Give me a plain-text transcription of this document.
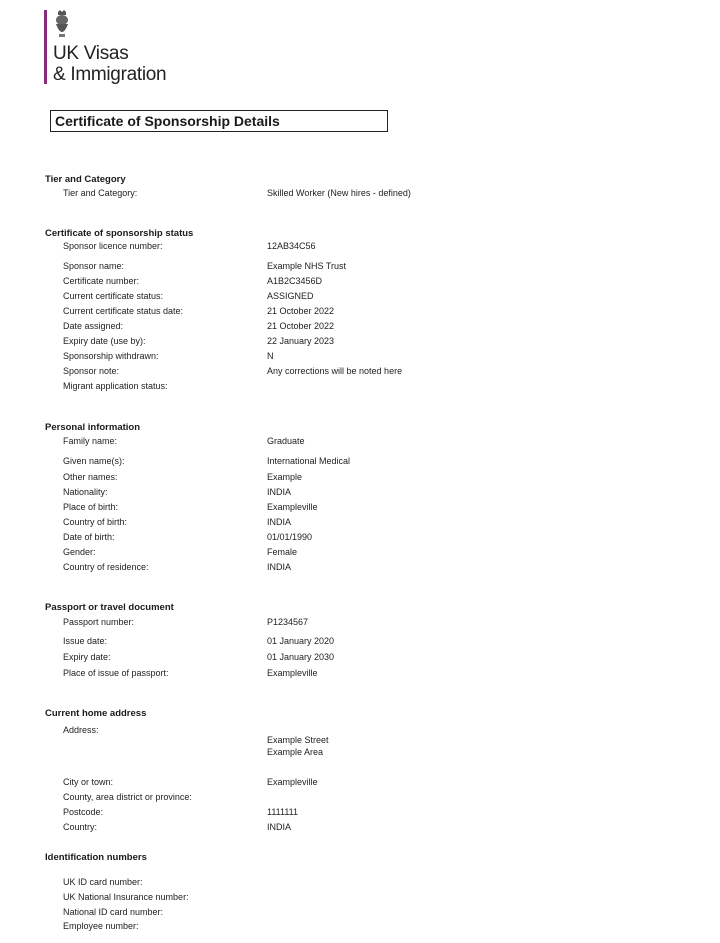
UK Visas
& Immigration
Certificate of Sponsorship Details
Tier and Category
Tier and Category:	Skilled Worker (New hires - defined)
Certificate of sponsorship status
Sponsor licence number:	12AB34C56
Sponsor name:	Example NHS Trust
Certificate number:	A1B2C3456D
Current certificate status:	ASSIGNED
Current certificate status date:	21 October 2022
Date assigned:	21 October 2022
Expiry date (use by):	22 January 2023
Sponsorship withdrawn:	N
Sponsor note:	Any corrections will be noted here
Migrant application status:
Personal information
Family name:	Graduate
Given name(s):	International Medical
Other names:	Example
Nationality:	INDIA
Place of birth:	Exampleville
Country of birth:	INDIA
Date of birth:	01/01/1990
Gender:	Female
Country of residence:	INDIA
Passport or travel document
Passport number:	P1234567
Issue date:	01 January 2020
Expiry date:	01 January 2030
Place of issue of passport:	Exampleville
Current home address
Address:
Example Street
Example Area
City or town:	Exampleville
County, area district or province:
Postcode:	1111111
Country:	INDIA
Identification numbers
UK ID card number:
UK National Insurance number:
National ID card number:
Employee number:
